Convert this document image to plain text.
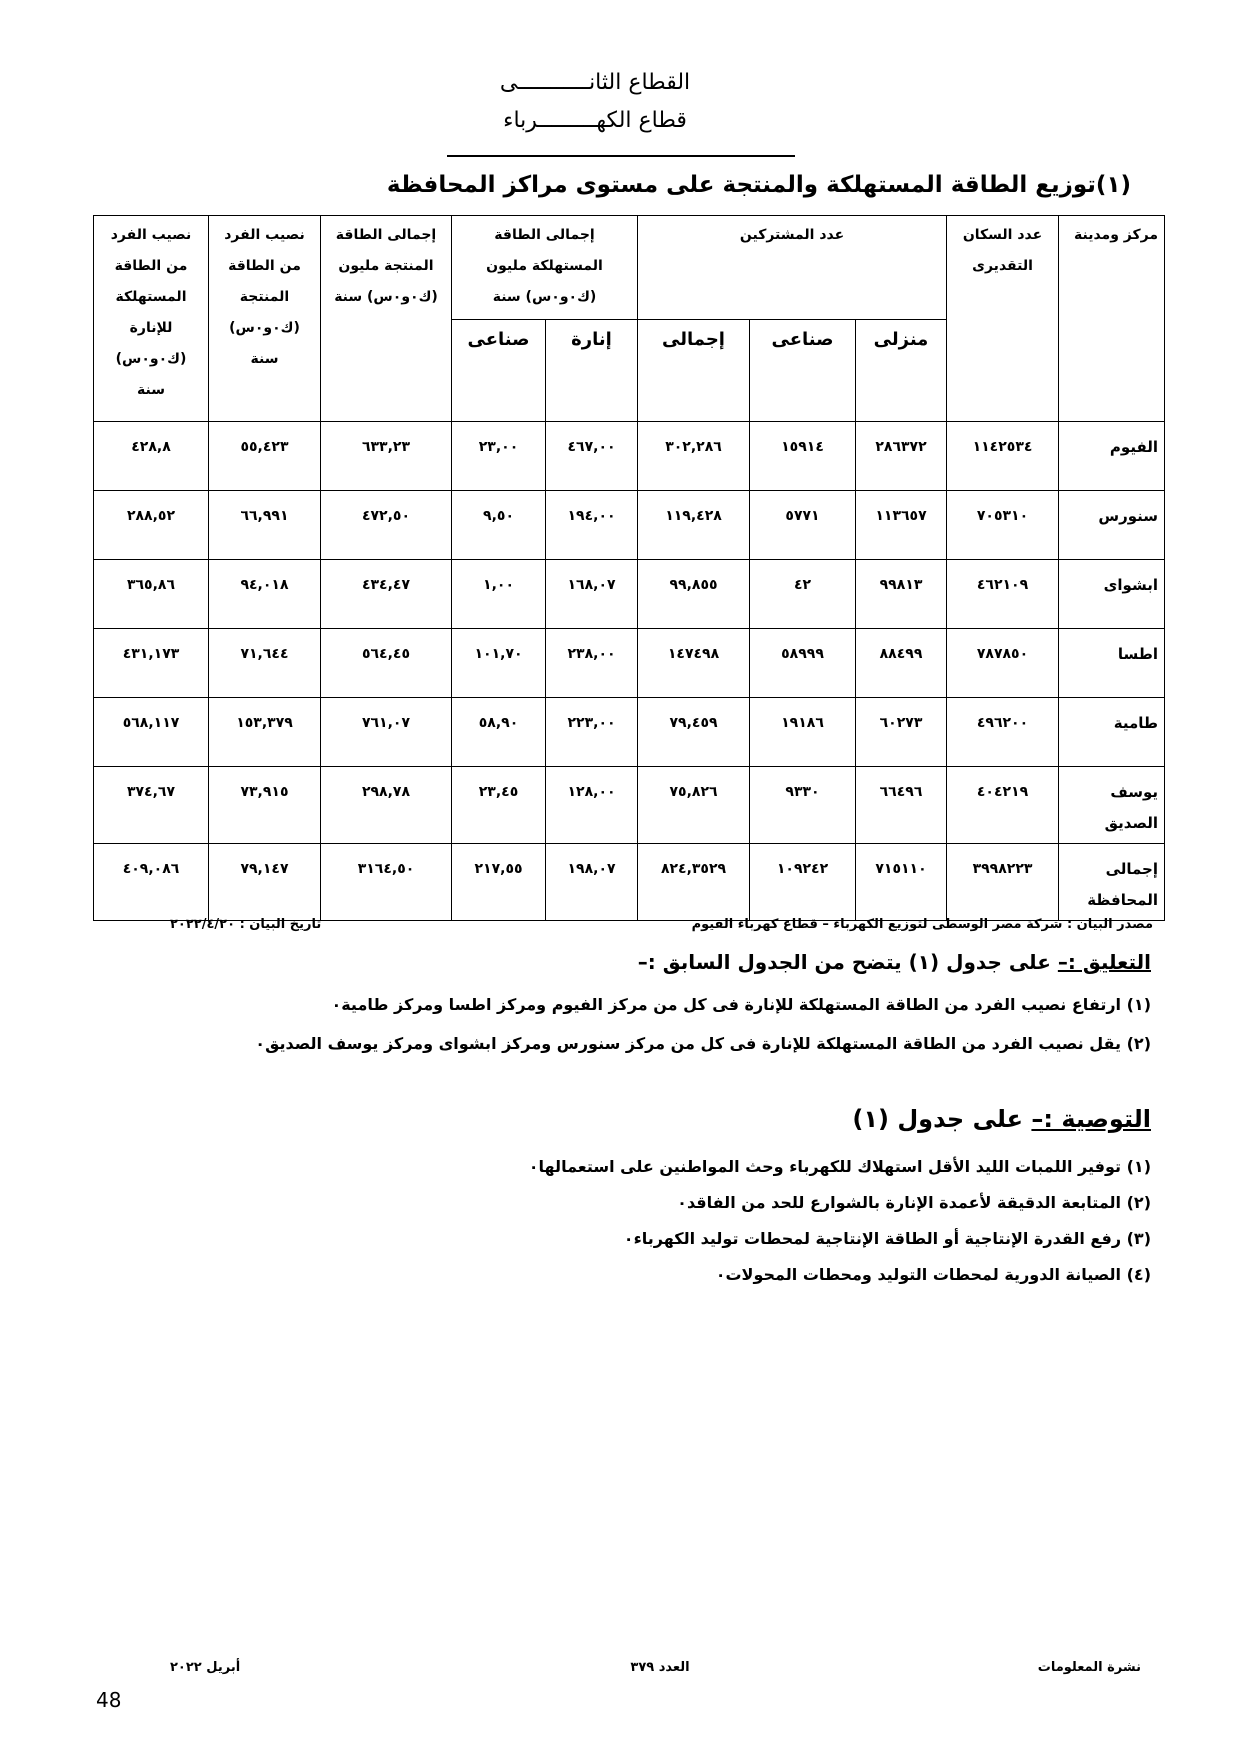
القطاع الثانـــــــــــى
قطاع الكهـــــــــرباء
(١)توزيع الطاقة المستهلكة والمنتجة على مستوى مراكز المحافظة
مركز ومدينة	عدد السكان التقديرى	عدد المشتركين			إجمالى الطاقة المستهلكة مليون (ك٠و٠س) سنة		إجمالى الطاقة المنتجة مليون (ك٠و٠س) سنة	نصيب الفرد من الطاقة المنتجة (ك٠و٠س) سنة	نصيب الفرد من الطاقة المستهلكة للإنارة (ك٠و٠س) سنة
		منزلى	صناعى	إجمالى	إنارة	صناعى			
الفيوم	١١٤٢٥٣٤	٢٨٦٣٧٢	١٥٩١٤	٣٠٢,٢٨٦	٤٦٧,٠٠	٢٣,٠٠	٦٣٣,٢٣	٥٥,٤٢٣	٤٢٨,٨
سنورس	٧٠٥٣١٠	١١٣٦٥٧	٥٧٧١	١١٩,٤٢٨	١٩٤,٠٠	٩,٥٠	٤٧٢,٥٠	٦٦,٩٩١	٢٨٨,٥٢
ابشواى	٤٦٢١٠٩	٩٩٨١٣	٤٢	٩٩,٨٥٥	١٦٨,٠٧	١,٠٠	٤٣٤,٤٧	٩٤,٠١٨	٣٦٥,٨٦
اطسا	٧٨٧٨٥٠	٨٨٤٩٩	٥٨٩٩٩	١٤٧٤٩٨	٢٣٨,٠٠	١٠١,٧٠	٥٦٤,٤٥	٧١,٦٤٤	٤٣١,١٧٣
طامية	٤٩٦٢٠٠	٦٠٢٧٣	١٩١٨٦	٧٩,٤٥٩	٢٢٣,٠٠	٥٨,٩٠	٧٦١,٠٧	١٥٣,٣٧٩	٥٦٨,١١٧
يوسف الصديق	٤٠٤٢١٩	٦٦٤٩٦	٩٣٣٠	٧٥,٨٢٦	١٢٨,٠٠	٢٣,٤٥	٢٩٨,٧٨	٧٣,٩١٥	٣٧٤,٦٧
إجمالى المحافظة	٣٩٩٨٢٢٣	٧١٥١١٠	١٠٩٢٤٢	٨٢٤,٣٥٢٩	١٩٨,٠٧	٢١٧,٥٥	٣١٦٤,٥٠	٧٩,١٤٧	٤٠٩,٠٨٦
مصدر البيان : شركة مصر الوسطى لتوزيع الكهرباء – قطاع كهرباء الفيوم
تاريخ البيان : ٢٠٢٢/٤/٢٠
التعليق :– على جدول (١) يتضح من الجدول السابق :–
(١) ارتفاع نصيب الفرد من الطاقة المستهلكة للإنارة فى كل من مركز الفيوم ومركز اطسا ومركز طامية٠
(٢) يقل نصيب الفرد من الطاقة المستهلكة للإنارة فى كل من مركز سنورس ومركز ابشواى ومركز يوسف الصديق٠
التوصية :– على جدول (١)
(١) توفير اللمبات الليد الأقل استهلاك للكهرباء وحث المواطنين على استعمالها٠
(٢) المتابعة الدقيقة لأعمدة الإنارة بالشوارع للحد من الفاقد٠
(٣) رفع القدرة الإنتاجية أو الطاقة الإنتاجية لمحطات توليد الكهرباء٠
(٤) الصيانة الدورية لمحطات التوليد ومحطات المحولات٠
نشرة المعلومات
العدد ٣٧٩
أبريل ٢٠٢٢
48
